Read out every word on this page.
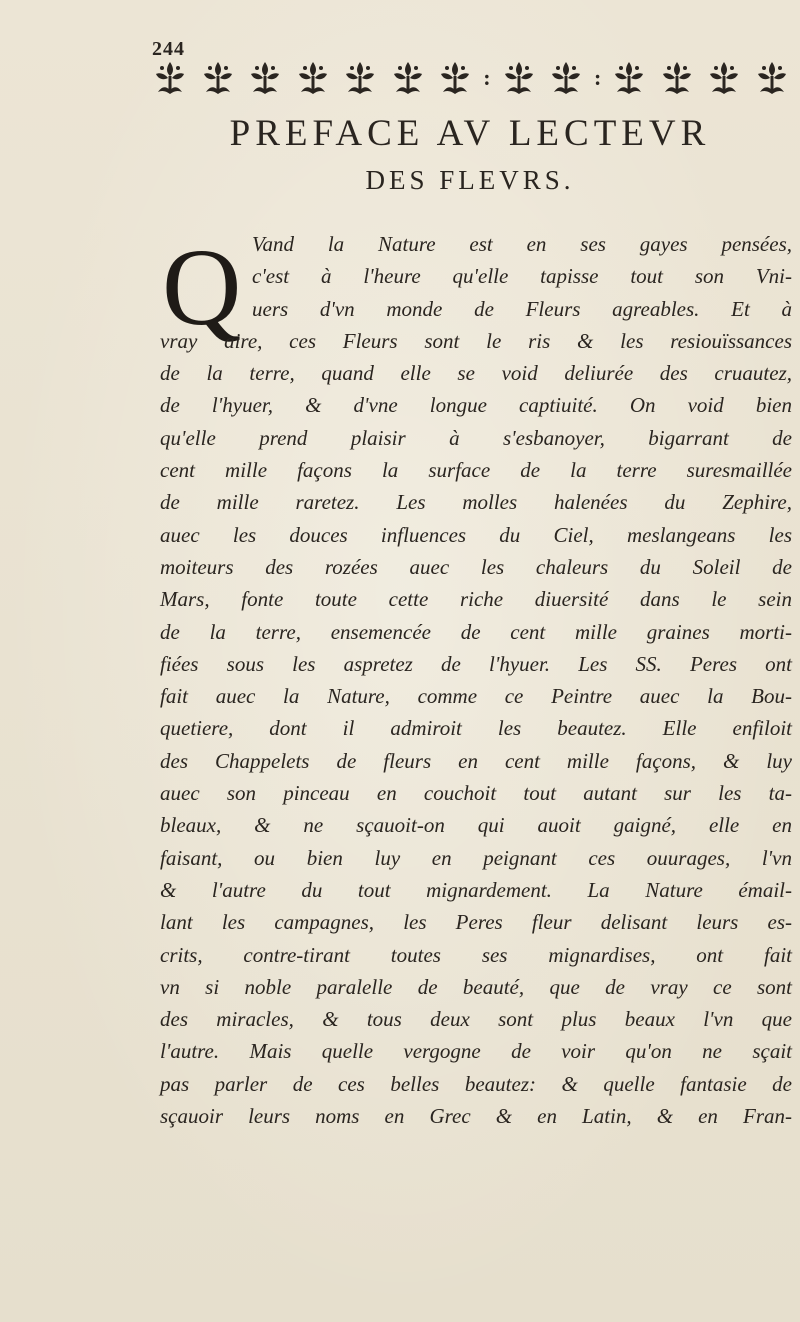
244
:	:
PREFACE AV LECTEVR
DES FLEVRS.
Q Vand la Nature est en ses gayes pensées,
c'est à l'heure qu'elle tapisse tout son Vni-
uers d'vn monde de Fleurs agreables. Et à
vray aire, ces Fleurs sont le ris & les resiouïssances
de la terre, quand elle se void deliurée des cruautez,
de l'hyuer, & d'vne longue captiuité. On void bien
qu'elle prend plaisir à s'esbanoyer, bigarrant de
cent mille façons la surface de la terre suresmaillée
de mille raretez. Les molles halenées du Zephire,
auec les douces influences du Ciel, meslangeans les
moiteurs des rozées auec les chaleurs du Soleil de
Mars, fonte toute cette riche diuersité dans le sein
de la terre, ensemencée de cent mille graines morti-
fiées sous les aspretez de l'hyuer. Les SS. Peres ont
fait auec la Nature, comme ce Peintre auec la Bou-
quetiere, dont il admiroit les beautez. Elle enfiloit
des Chappelets de fleurs en cent mille façons, & luy
auec son pinceau en couchoit tout autant sur les ta-
bleaux, & ne sçauoit-on qui auoit gaigné, elle en
faisant, ou bien luy en peignant ces ouurages, l'vn
& l'autre du tout mignardement. La Nature émail-
lant les campagnes, les Peres fleur delisant leurs es-
crits, contre-tirant toutes ses mignardises, ont fait
vn si noble paralelle de beauté, que de vray ce sont
des miracles, & tous deux sont plus beaux l'vn que
l'autre. Mais quelle vergogne de voir qu'on ne sçait
pas parler de ces belles beautez: & quelle fantasie de
sçauoir leurs noms en Grec & en Latin, & en Fran-
